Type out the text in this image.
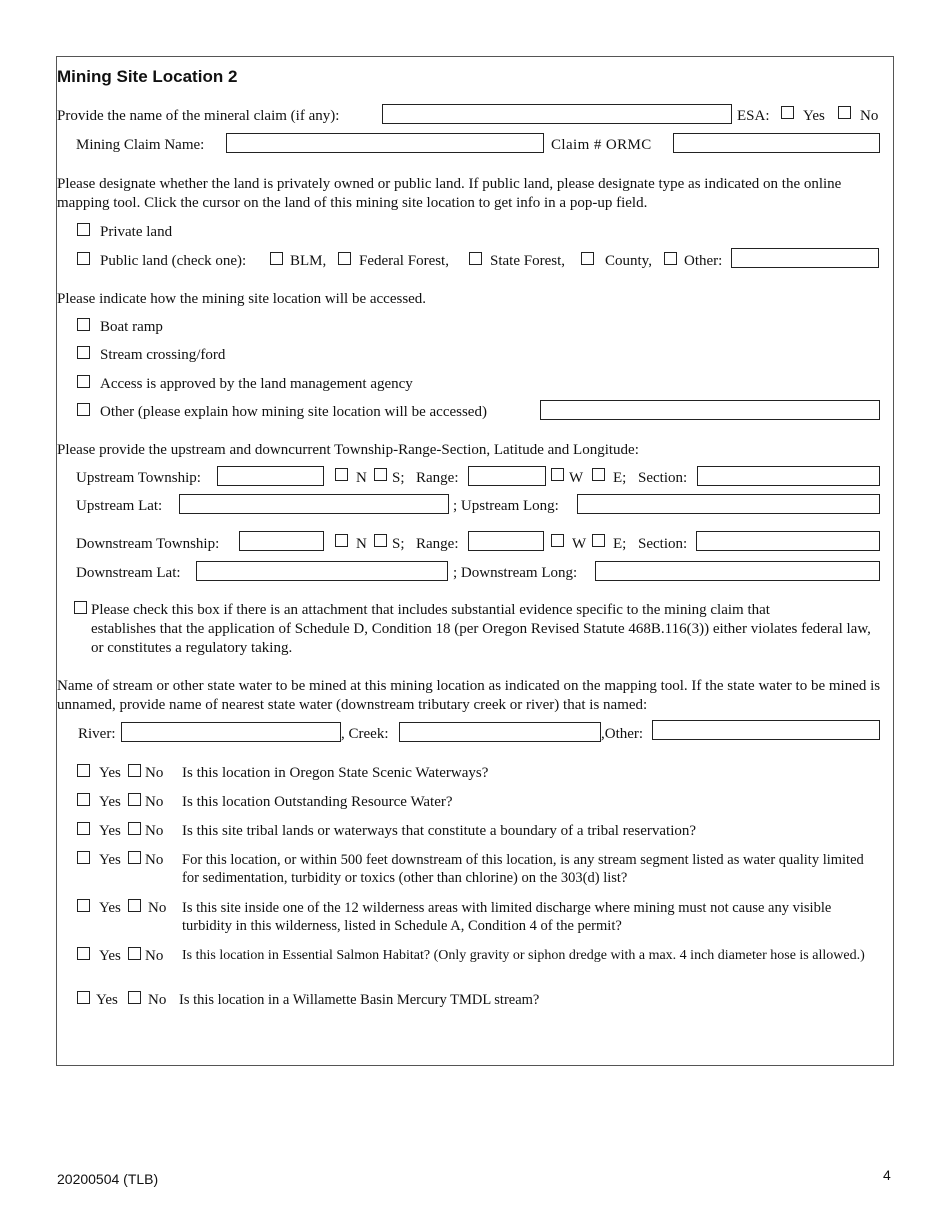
Mining Site Location 2
Provide the name of the mineral claim (if any):	ESA: Yes No
Mining Claim Name:	Claim # ORMC
Please designate whether the land is privately owned or public land. If public land, please designate type as indicated on the online mapping tool. Click the cursor on the land of this mining site location to get info in a pop-up field.
Private land
Public land (check one):	BLM, Federal Forest,	State Forest,	County, Other:
Please indicate how the mining site location will be accessed.
Boat ramp
Stream crossing/ford
Access is approved by the land management agency
Other (please explain how mining site location will be accessed)
Please provide the upstream and downcurrent Township-Range-Section, Latitude and Longitude:
Upstream Township:	N S; Range:	W E; Section:
Upstream Lat:	; Upstream Long:
Downstream Township:	N S; Range:	W E; Section:
Downstream Lat:	; Downstream Long:
Please check this box if there is an attachment that includes substantial evidence specific to the mining claim that
establishes that the application of Schedule D, Condition 18 (per Oregon Revised Statute 468B.116(3)) either violates federal law, or constitutes a regulatory taking.
Name of stream or other state water to be mined at this mining location as indicated on the mapping tool. If the state water to be mined is unnamed, provide name of nearest state water (downstream tributary creek or river) that is named:
River:	, Creek:	,Other:
Yes No Is this location in Oregon State Scenic Waterways?
Yes No Is this location Outstanding Resource Water?
Yes No Is this site tribal lands or waterways that constitute a boundary of a tribal reservation?
Yes No For this location, or within 500 feet downstream of this location, is any stream segment listed as water quality limited for sedimentation, turbidity or toxics (other than chlorine) on the 303(d) list?
Yes No Is this site inside one of the 12 wilderness areas with limited discharge where mining must not cause any visible turbidity in this wilderness, listed in Schedule A, Condition 4 of the permit?
Yes No Is this location in Essential Salmon Habitat? (Only gravity or siphon dredge with a max. 4 inch diameter hose is allowed.)
Yes No Is this location in a Willamette Basin Mercury TMDL stream?
20200504 (TLB)	4
